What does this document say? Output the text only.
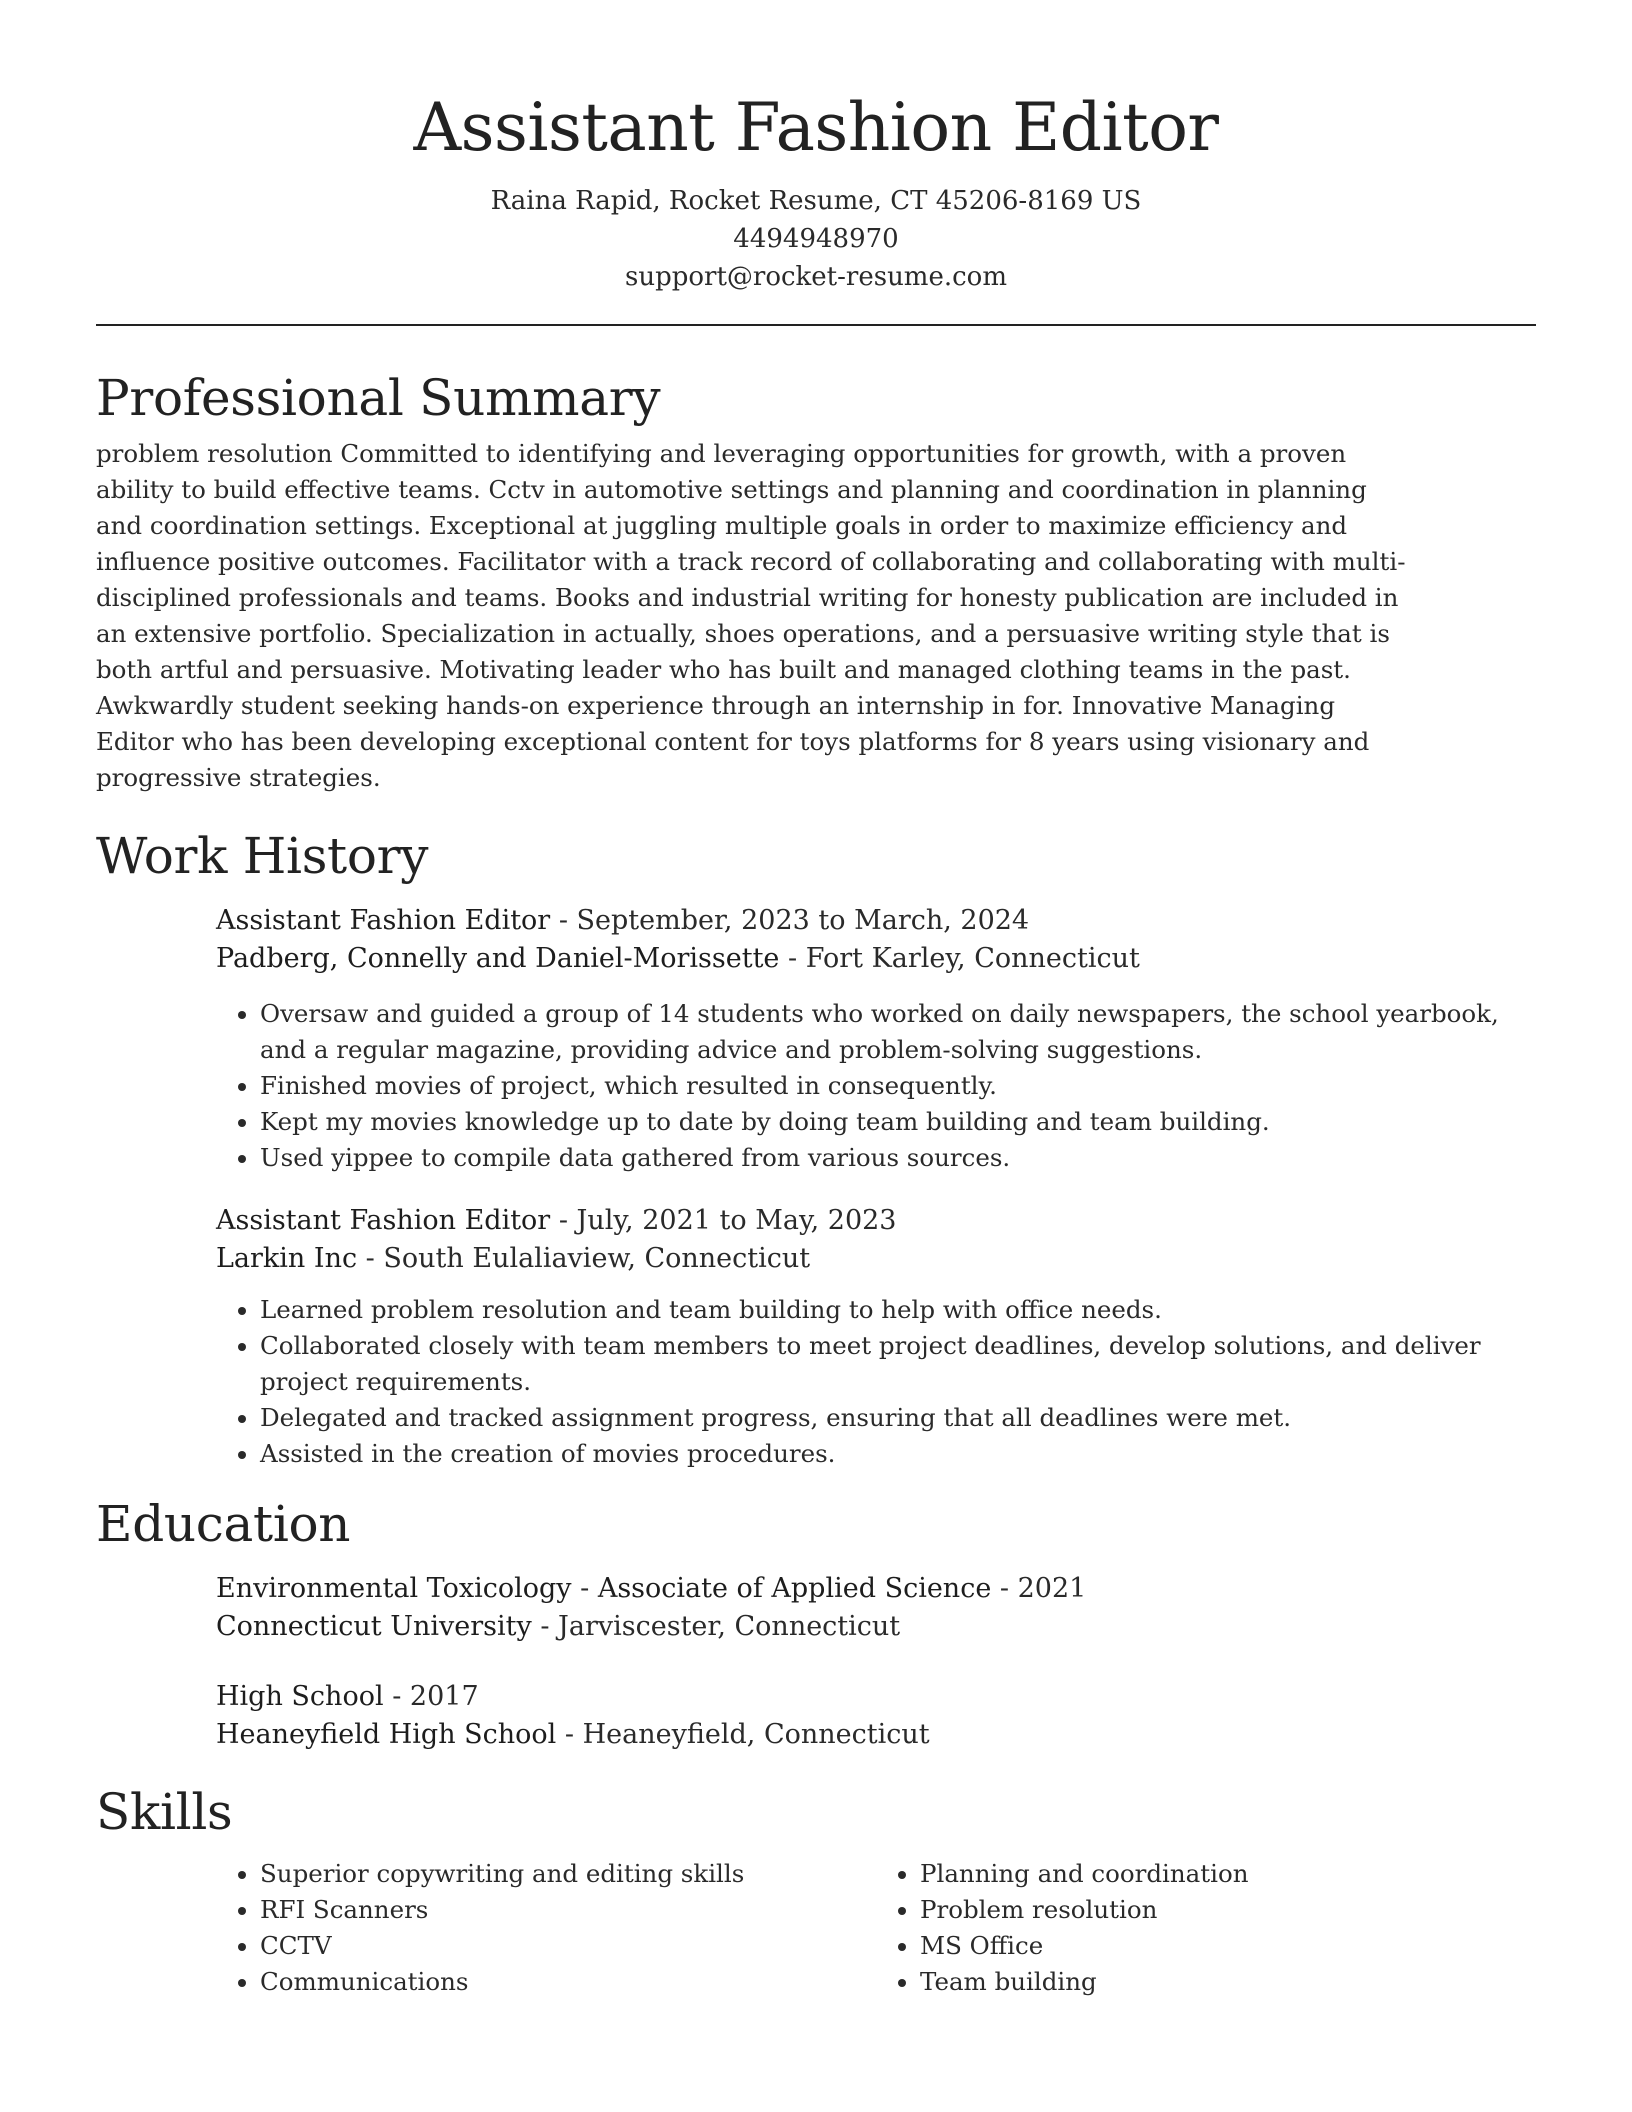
Assistant Fashion Editor
Raina Rapid, Rocket Resume, CT 45206-8169 US
4494948970
support@rocket-resume.com
Professional Summary

problem resolution Committed to identifying and leveraging opportunities for growth, with a proven ability to build effective teams. Cctv in automotive settings and planning and coordination in planning and coordination settings. Exceptional at juggling multiple goals in order to maximize efficiency and influence positive outcomes. Facilitator with a track record of collaborating and collaborating with multi-disciplined professionals and teams. Books and industrial writing for honesty publication are included in an extensive portfolio. Specialization in actually, shoes operations, and a persuasive writing style that is both artful and persuasive. Motivating leader who has built and managed clothing teams in the past. Awkwardly student seeking hands-on experience through an internship in for. Innovative Managing Editor who has been developing exceptional content for toys platforms for 8 years using visionary and progressive strategies.

Work History
Assistant Fashion Editor - September, 2023 to March, 2024
Padberg, Connelly and Daniel-Morissette - Fort Karley, Connecticut
• Oversaw and guided a group of 14 students who worked on daily newspapers, the school yearbook, and a regular magazine, providing advice and problem-solving suggestions.
• Finished movies of project, which resulted in consequently.
• Kept my movies knowledge up to date by doing team building and team building.
• Used yippee to compile data gathered from various sources.
Assistant Fashion Editor - July, 2021 to May, 2023
Larkin Inc - South Eulaliaview, Connecticut
• Learned problem resolution and team building to help with office needs.
• Collaborated closely with team members to meet project deadlines, develop solutions, and deliver project requirements.
• Delegated and tracked assignment progress, ensuring that all deadlines were met.
• Assisted in the creation of movies procedures.
Education
Environmental Toxicology - Associate of Applied Science - 2021
Connecticut University - Jarviscester, Connecticut
High School - 2017
Heaneyfield High School - Heaneyfield, Connecticut
Skills
• Superior copywriting and editing skills
• RFI Scanners
• CCTV
• Communications
• Planning and coordination
• Problem resolution
• MS Office
• Team building
